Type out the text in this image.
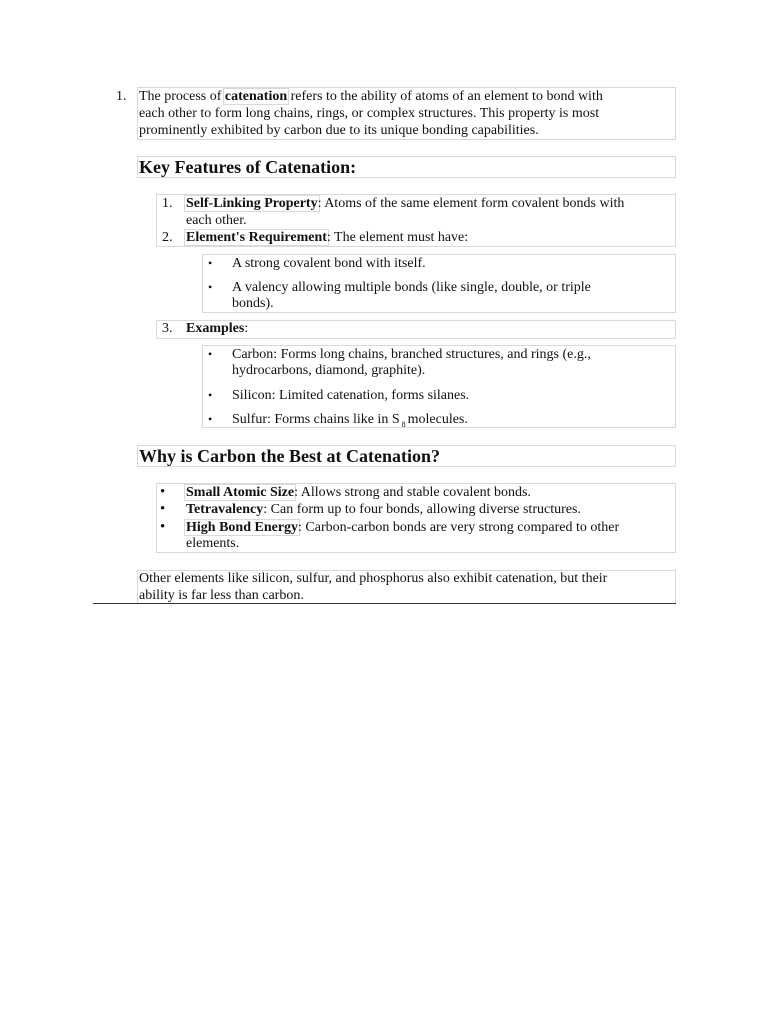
1. The process of catenation refers to the ability of atoms of an element to bond with
each other to form long chains, rings, or complex structures. This property is most
prominently exhibited by carbon due to its unique bonding capabilities.
Key Features of Catenation:
1. Self-Linking Property: Atoms of the same element form covalent bonds with
each other.
2. Element's Requirement: The element must have:
• A strong covalent bond with itself.
• A valency allowing multiple bonds (like single, double, or triple
bonds).
3. Examples:
• Carbon: Forms long chains, branched structures, and rings (e.g.,
hydrocarbons, diamond, graphite).
• Silicon: Limited catenation, forms silanes.
• Sulfur: Forms chains like in S $_8$ molecules.
Why is Carbon the Best at Catenation?
• Small Atomic Size: Allows strong and stable covalent bonds.
• Tetravalency: Can form up to four bonds, allowing diverse structures.
• High Bond Energy: Carbon-carbon bonds are very strong compared to other
elements.
Other elements like silicon, sulfur, and phosphorus also exhibit catenation, but their
ability is far less than carbon.
